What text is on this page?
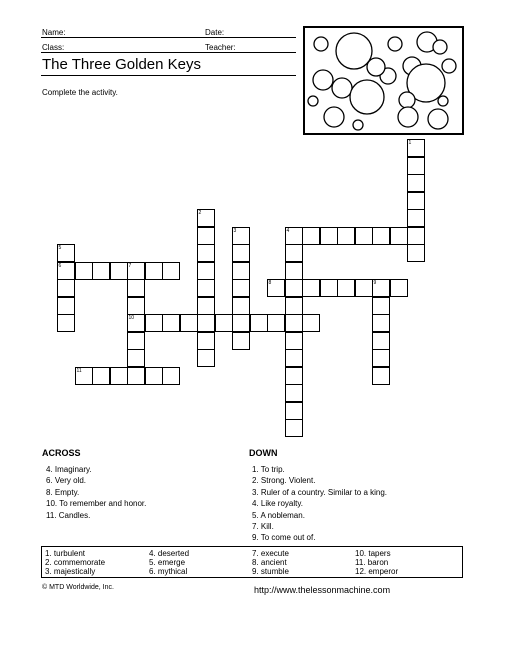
Name:	Date:
Class:	Teacher:
The Three Golden Keys
Complete the activity.
1
2
3	4
5
6	7
8	9
10
11
ACROSS
4. Imaginary.
6. Very old.
8. Empty.
10. To remember and honor.
11. Candles.
DOWN
1. To trip.
2. Strong. Violent.
3. Ruler of a country. Similar to a king.
4. Like royalty.
5. A nobleman.
7. Kill.
9. To come out of.
1. turbulent
2. commemorate
3. majestically
4. deserted
5. emerge
6. mythical
7. execute
8. ancient
9. stumble
10. tapers
11. baron
12. emperor
© MTD Worldwide, Inc.	http://www.thelessonmachine.com
